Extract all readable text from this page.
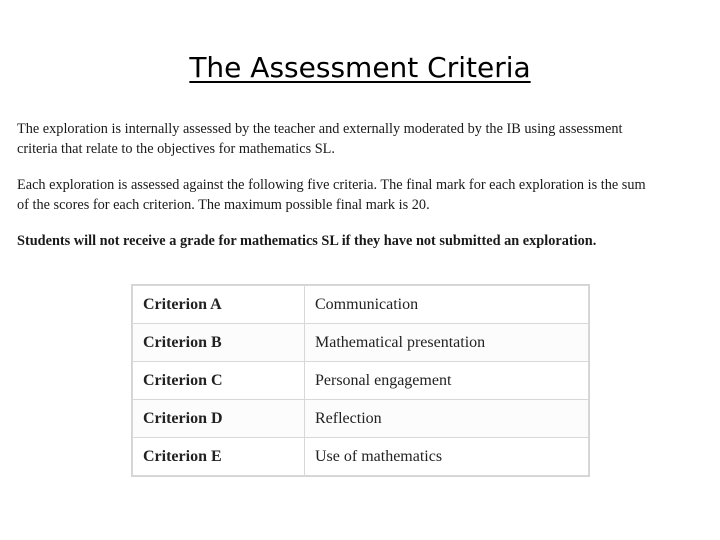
The Assessment Criteria

The exploration is internally assessed by the teacher and externally moderated by the IB using assessment
criteria that relate to the objectives for mathematics SL.

Each exploration is assessed against the following five criteria. The final mark for each exploration is the sum
of the scores for each criterion. The maximum possible final mark is 20.

Students will not receive a grade for mathematics SL if they have not submitted an exploration.

Criterion A	Communication
Criterion B	Mathematical presentation
Criterion C	Personal engagement
Criterion D	Reflection
Criterion E	Use of mathematics
